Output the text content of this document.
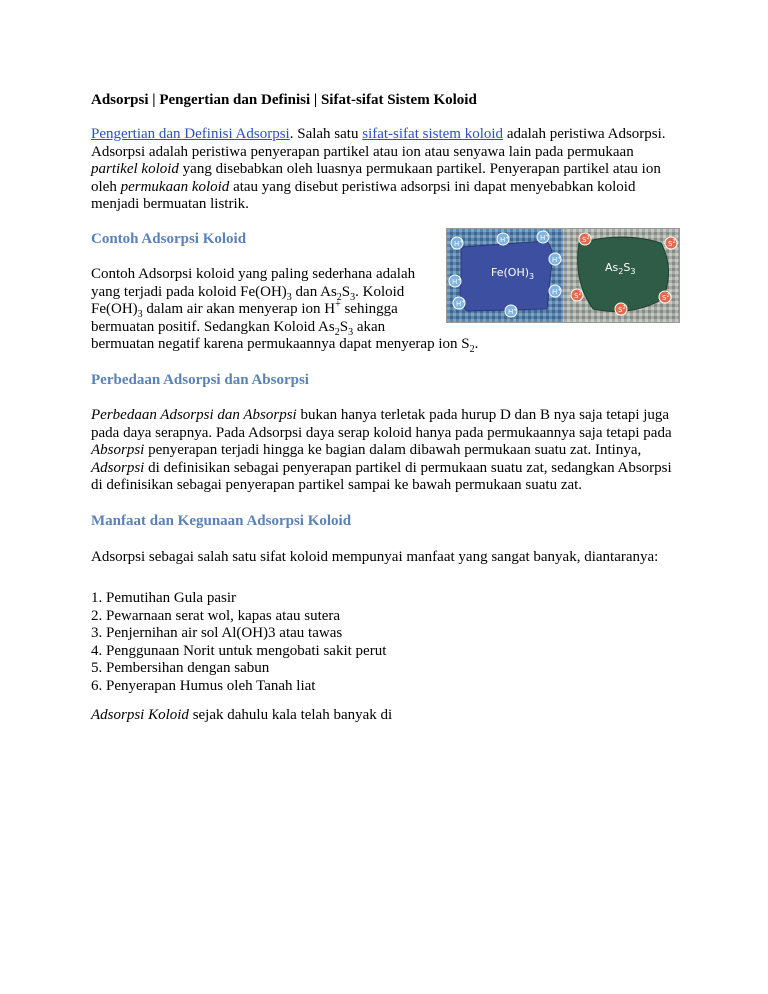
Adsorpsi | Pengertian dan Definisi | Sifat-sifat Sistem Koloid

Pengertian dan Definisi Adsorpsi. Salah satu sifat-sifat sistem koloid adalah peristiwa Adsorpsi.
Adsorpsi adalah peristiwa penyerapan partikel atau ion atau senyawa lain pada permukaan
partikel koloid yang disebabkan oleh luasnya permukaan partikel. Penyerapan partikel atau ion
oleh permukaan koloid atau yang disebut peristiwa adsorpsi ini dapat menyebabkan koloid
menjadi bermuatan listrik.

Contoh Adsorpsi Koloid

Contoh Adsorpsi koloid yang paling sederhana adalah
yang terjadi pada koloid $Fe(OH)_3$ dan $As_2S_3$. Koloid
$Fe(OH)_3$ dalam air akan menyerap ion H+ sehingga
bermuatan positif. Sedangkan Koloid $As_2S_3$ akan
bermuatan negatif karena permukaannya dapat menyerap ion $S_2$.

$Fe(OH)_3$
$As_2S_3$
H+	H+	H+
H+
H+
H+
H+
H+
$S^{2-}$
$S^{2-}$
$S^{2-}$
$S^{2-}$
$S^{2-}$
Perbedaan Adsorpsi dan Absorpsi

Perbedaan Adsorpsi dan Absorpsi bukan hanya terletak pada hurup D dan B nya saja tetapi juga
pada daya serapnya. Pada Adsorpsi daya serap koloid hanya pada permukaannya saja tetapi pada
Absorpsi penyerapan terjadi hingga ke bagian dalam dibawah permukaan suatu zat. Intinya,
Adsorpsi di definisikan sebagai penyerapan partikel di permukaan suatu zat, sedangkan Absorpsi
di definisikan sebagai penyerapan partikel sampai ke bawah permukaan suatu zat.

Manfaat dan Kegunaan Adsorpsi Koloid

Adsorpsi sebagai salah satu sifat koloid mempunyai manfaat yang sangat banyak, diantaranya:

1. Pemutihan Gula pasir
2. Pewarnaan serat wol, kapas atau sutera
3. Penjernihan air sol Al(OH)3 atau tawas
4. Penggunaan Norit untuk mengobati sakit perut
5. Pembersihan dengan sabun
6. Penyerapan Humus oleh Tanah liat

Adsorpsi Koloid sejak dahulu kala telah banyak di
